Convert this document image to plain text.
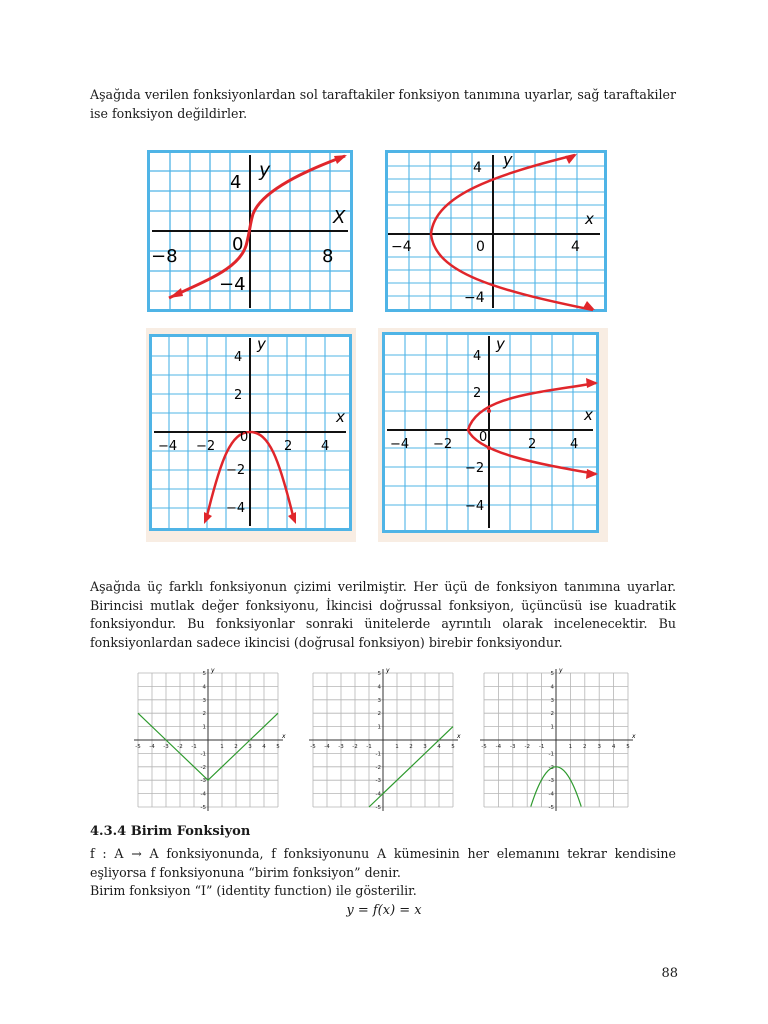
Aşağıda verilen fonksiyonlardan sol taraftakiler fonksiyon tanımına uyarlar, sağ taraftakiler ise fonksiyon değildirler.

y
X
−8
0
8
4
−4
y
x
−4	0	4
4
−4
y
x
−4 −2
0
2 4
4
2
−2
−4
y
x
−4 −2 0	2	4
4
2
−2
−4

Aşağıda üç farklı fonksiyonun çizimi verilmiştir. Her üçü de fonksiyon tanımına uyarlar. Birincisi mutlak değer fonksiyonu, İkincisi doğrussal fonksiyon, üçüncüsü ise kuadratik fonksiyondur. Bu fonksiyonlar sonraki ünitelerde ayrıntılı olarak incelenecektir. Bu fonksiyonlardan sadece ikincisi (doğrusal fonksiyon) birebir fonksiyondur.

x
y
-5 -4 -3 -2 -1	1 2 3 4 5
5
4
3
2
1
-1
-2
-3
-4
-5
x
y
-5 -4 -3 -2 -1	1 2 3 4 5
5
4
3
2
1
-1
-2
-3
-4
-5
x
y
-5 -4 -3 -2 -1	1 2 3 4 5
5
4
3
2
1
-1
-2
-3
-4
-5

4.3.4 Birim Fonksiyon

f : A → A fonksiyonunda, f fonksiyonunu A kümesinin her elemanını tekrar kendisine eşliyorsa f fonksiyonuna “birim fonksiyon” denir.
Birim fonksiyon “I” (identity function) ile gösterilir.

y = f(x) = x

88
